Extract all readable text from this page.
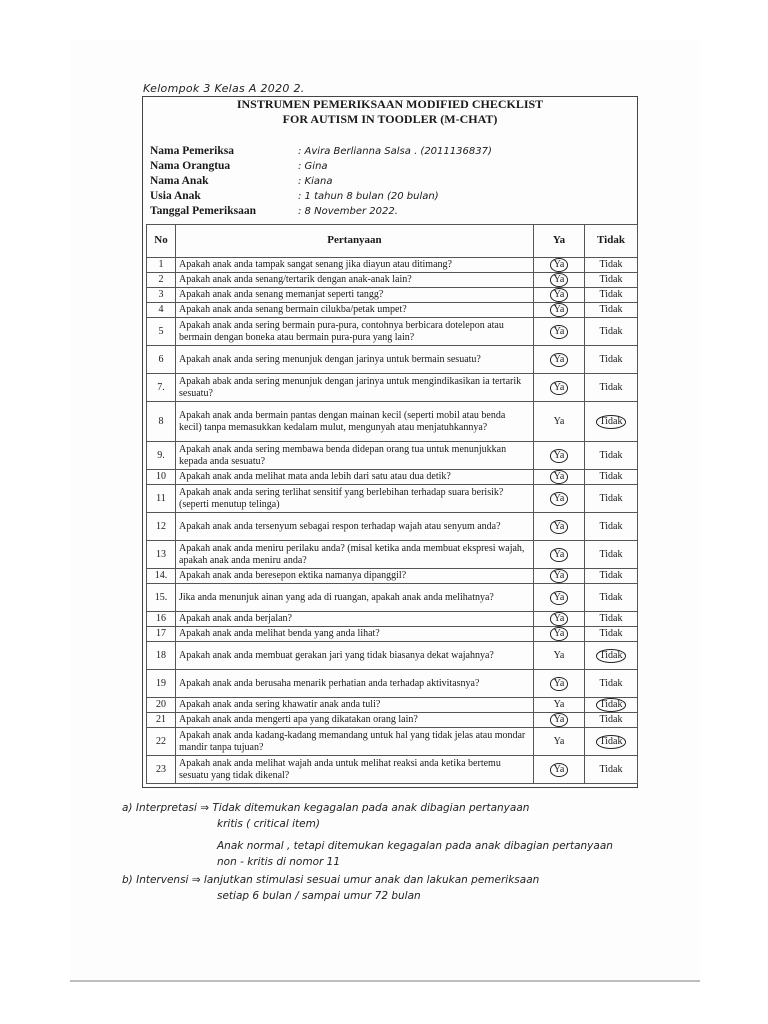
Kelompok 3 Kelas A 2020 2.
INSTRUMEN PEMERIKSAAN MODIFIED CHECKLIST
FOR AUTISM IN TOODLER (M-CHAT)
Nama Pemeriksa	: Avira Berlianna Salsa . (2011136837)
Nama Orangtua	: Gina
Nama Anak	: Kiana
Usia Anak	: 1 tahun 8 bulan (20 bulan)
Tanggal Pemeriksaan	: 8 November 2022.
No	Pertanyaan	Ya	Tidak
1	Apakah anak anda tampak sangat senang jika diayun atau ditimang?	Ya	Tidak
2	Apakah anak anda senang/tertarik dengan anak-anak lain?	Ya	Tidak
3	Apakah anak anda senang memanjat seperti tangg?	Ya	Tidak
4	Apakah anak anda senang bermain cilukba/petak umpet?	Ya	Tidak
5	Apakah anak anda sering bermain pura-pura, contohnya berbicara dotelepon atau bermain dengan boneka atau bermain pura-pura yang lain?	Ya	Tidak
6	Apakah anak anda sering menunjuk dengan jarinya untuk bermain sesuatu?	Ya	Tidak
7.	Apakah abak anda sering menunjuk dengan jarinya untuk mengindikasikan ia tertarik sesuatu?	Ya	Tidak
8	Apakah anak anda bermain pantas dengan mainan kecil (seperti mobil atau benda kecil) tanpa memasukkan kedalam mulut, mengunyah atau menjatuhkannya?	Ya	Tidak
9.	Apakah anak anda sering membawa benda didepan orang tua untuk menunjukkan kepada anda sesuatu?	Ya	Tidak
10	Apakah anak anda melihat mata anda lebih dari satu atau dua detik?	Ya	Tidak
11	Apakah anak anda sering terlihat sensitif yang berlebihan terhadap suara berisik? (seperti menutup telinga)	Ya	Tidak
12	Apakah anak anda tersenyum sebagai respon terhadap wajah atau senyum anda?	Ya	Tidak
13	Apakah anak anda meniru perilaku anda? (misal ketika anda membuat ekspresi wajah, apakah anak anda meniru anda?	Ya	Tidak
14.	Apakah anak anda beresepon ektika namanya dipanggil?	Ya	Tidak
15.	Jika anda menunjuk ainan yang ada di ruangan, apakah anak anda melihatnya?	Ya	Tidak
16	Apakah anak anda berjalan?	Ya	Tidak
17	Apakah anak anda melihat benda yang anda lihat?	Ya	Tidak
18	Apakah anak anda membuat gerakan jari yang tidak biasanya dekat wajahnya?	Ya	Tidak
19	Apakah anak anda berusaha menarik perhatian anda terhadap aktivitasnya?	Ya	Tidak
20	Apakah anak anda sering khawatir anak anda tuli?	Ya	Tidak
21	Apakah anak anda mengerti apa yang dikatakan orang lain?	Ya	Tidak
22	Apakah anak anda kadang-kadang memandang untuk hal yang tidak jelas atau mondar mandir tanpa tujuan?	Ya	Tidak
23	Apakah anak anda melihat wajah anda untuk melihat reaksi anda ketika bertemu sesuatu yang tidak dikenal?	Ya	Tidak
a) Interpretasi ⇒ Tidak ditemukan kegagalan pada anak dibagian pertanyaan
kritis ( critical item)
Anak normal , tetapi ditemukan kegagalan pada anak dibagian pertanyaan
non - kritis di nomor 11
b) Intervensi ⇒ lanjutkan stimulasi sesuai umur anak dan lakukan pemeriksaan
setiap 6 bulan / sampai umur 72 bulan
